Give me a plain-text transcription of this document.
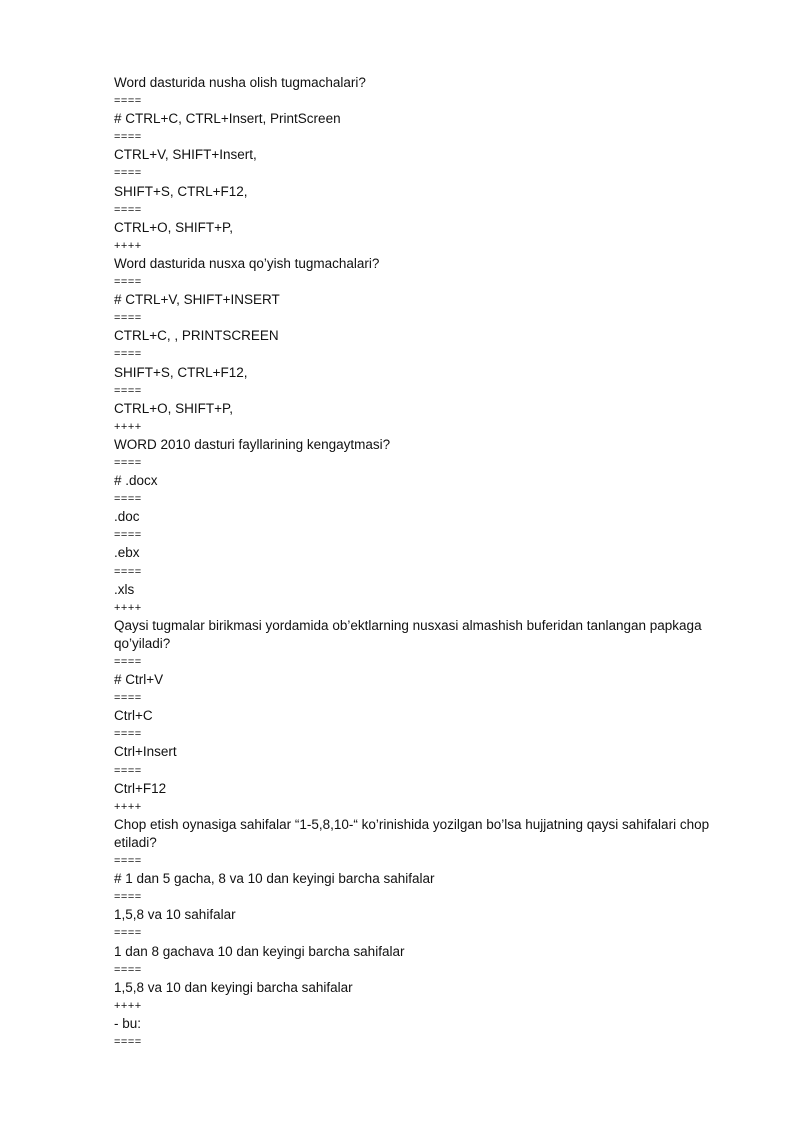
Word dasturida nusha olish tugmachalari?
====
# CTRL+C, CTRL+Insert, PrintScreen
====
CTRL+V, SHIFT+Insert,
====
SHIFT+S, CTRL+F12,
====
CTRL+O, SHIFT+P,
++++
Word dasturida nusxa qo’yish tugmachalari?
====
# CTRL+V, SHIFT+INSERT
====
CTRL+C, , PRINTSCREEN
====
SHIFT+S, CTRL+F12,
====
CTRL+O, SHIFT+P,
++++
WORD 2010 dasturi fayllarining kengaytmasi?
====
# .docx
====
.doc
====
.ebx
====
.xls
++++
Qaysi tugmalar birikmasi yordamida ob’ektlarning nusxasi almashish buferidan tanlangan papkaga qo’yiladi?
====
# Ctrl+V
====
Ctrl+C
====
Ctrl+Insert
====
Ctrl+F12
++++
Chop etish oynasiga sahifalar “1-5,8,10-“ ko’rinishida yozilgan bo’lsa hujjatning qaysi sahifalari chop etiladi?
====
# 1 dan 5 gacha, 8 va 10 dan keyingi barcha sahifalar
====
1,5,8 va 10 sahifalar
====
1 dan 8 gachava 10 dan keyingi barcha sahifalar
====
1,5,8 va 10 dan keyingi barcha sahifalar
++++
- bu:
====
